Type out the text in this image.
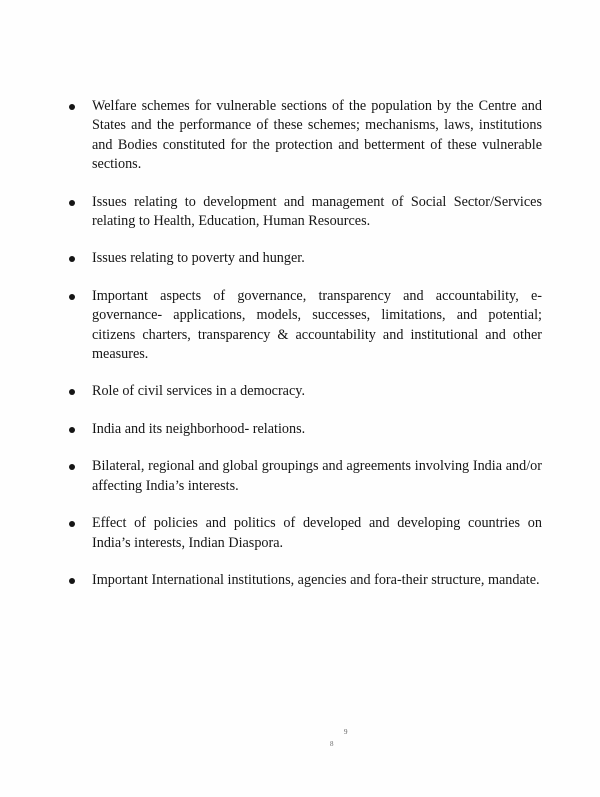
Welfare schemes for vulnerable sections of the population by the Centre and States and the performance of these schemes; mechanisms, laws, institutions and Bodies constituted for the protection and betterment of these vulnerable sections.
Issues relating to development and management of Social Sector/Services relating to Health, Education, Human Resources.
Issues relating to poverty and hunger.
Important aspects of governance, transparency and accountability, e-governance- applications, models, successes, limitations, and potential; citizens charters, transparency & accountability and institutional and other measures.
Role of civil services in a democracy.
India and its neighborhood- relations.
Bilateral, regional and global groupings and agreements involving India and/or affecting India’s interests.
Effect of policies and politics of developed and developing countries on India’s interests, Indian Diaspora.
Important International institutions, agencies and fora-their structure, mandate.
9
8
